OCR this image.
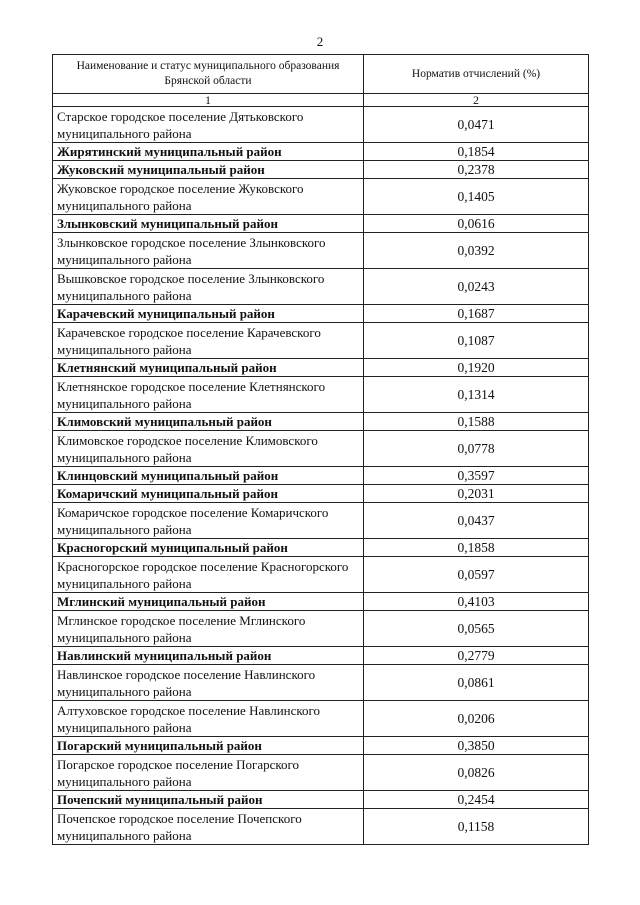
2
Наименование и статус муниципального образования Брянской области	Норматив отчислений (%)
1	2
Старское городское поселение Дятьковского муниципального района	0,0471
Жирятинский муниципальный район	0,1854
Жуковский муниципальный район	0,2378
Жуковское городское поселение Жуковского муниципального района	0,1405
Злынковский муниципальный район	0,0616
Злынковское городское поселение Злынковского муниципального района	0,0392
Вышковское городское поселение Злынковского муниципального района	0,0243
Карачевский муниципальный район	0,1687
Карачевское городское поселение Карачевского муниципального района	0,1087
Клетнянский муниципальный район	0,1920
Клетнянское городское поселение Клетнянского муниципального района	0,1314
Климовский муниципальный район	0,1588
Климовское городское поселение Климовского муниципального района	0,0778
Клинцовский муниципальный район	0,3597
Комаричский муниципальный район	0,2031
Комаричское городское поселение Комаричского муниципального района	0,0437
Красногорский муниципальный район	0,1858
Красногорское городское поселение Красногорского муниципального района	0,0597
Мглинский муниципальный район	0,4103
Мглинское городское поселение Мглинского муниципального района	0,0565
Навлинский муниципальный район	0,2779
Навлинское городское поселение Навлинского муниципального района	0,0861
Алтуховское городское поселение Навлинского муниципального района	0,0206
Погарский муниципальный район	0,3850
Погарское городское поселение Погарского муниципального района	0,0826
Почепский муниципальный район	0,2454
Почепское городское поселение Почепского муниципального района	0,1158
